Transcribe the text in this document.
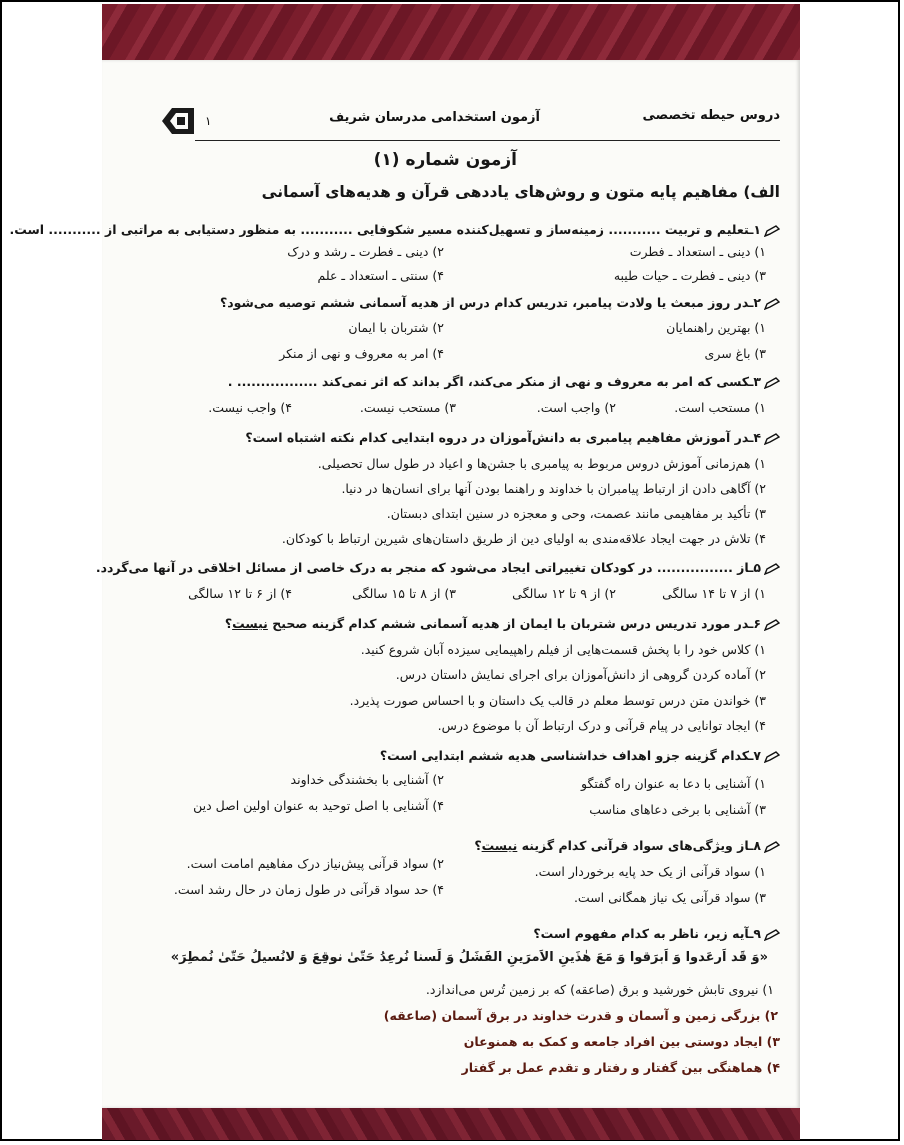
۱	آزمون استخدامی مدرسان شریف	دروس حیطه تخصصی
آزمون شماره (۱)
الف) مفاهیم پایه متون و روش‌های یاددهی قرآن و هدیه‌های آسمانی
۱ـتعلیم و تربیت ........... زمینه‌ساز و تسهیل‌کننده مسیر شکوفایی ........... به منظور دستیابی به مراتبی از ........... است.
۱) دینی ـ استعداد ـ فطرت
۲) دینی ـ فطرت ـ رشد و درک
۳) دینی ـ فطرت ـ حیات طیبه
۴) سنتی ـ استعداد ـ علم
۲ـدر روز مبعث یا ولادت پیامبر، تدریس کدام درس از هدیه آسمانی ششم توصیه می‌شود؟
۱) بهترین راهنمایان
۲) شتربان با ایمان
۳) باغ سری
۴) امر به معروف و نهی از منکر
۳ـکسی که امر به معروف و نهی از منکر می‌کند، اگر بداند که اثر نمی‌کند ................. .
۱) مستحب است.
۲) واجب است.
۳) مستحب نیست.
۴) واجب نیست.
۴ـدر آموزش مفاهیم پیامبری به دانش‌آموزان در دروه ابتدایی کدام نکته اشتباه است؟
۱) هم‌زمانی آموزش دروس مربوط به پیامبری با جشن‌ها و اعیاد در طول سال تحصیلی.
۲) آگاهی دادن از ارتباط پیامبران با خداوند و راهنما بودن آنها برای انسان‌ها در دنیا.
۳) تأکید بر مفاهیمی مانند عصمت، وحی و معجزه در سنین ابتدای دبستان.
۴) تلاش در جهت ایجاد علاقه‌مندی به اولیای دین از طریق داستان‌های شیرین ارتباط با کودکان.
۵ـاز ................ در کودکان تغییراتی ایجاد می‌شود که منجر به درک خاصی از مسائل اخلاقی در آنها می‌گردد.
۱) از ۷ تا ۱۴ سالگی
۲) از ۹ تا ۱۲ سالگی
۳) از ۸ تا ۱۵ سالگی
۴) از ۶ تا ۱۲ سالگی
۶ـدر مورد تدریس درس شتربان با ایمان از هدیه آسمانی ششم کدام گزینه صحیح نیست؟
۱) کلاس خود را با پخش قسمت‌هایی از فیلم راهپیمایی سیزده آبان شروع کنید.
۲) آماده کردن گروهی از دانش‌آموزان برای اجرای نمایش داستان درس.
۳) خواندن متن درس توسط معلم در قالب یک داستان و با احساس صورت پذیرد.
۴) ایجاد توانایی در پیام قرآنی و درک ارتباط آن با موضوع درس.
۷ـکدام گزینه جزو اهداف خداشناسی هدیه ششم ابتدایی است؟
۱) آشنایی با دعا به عنوان راه گفتگو
۲) آشنایی با بخشندگی خداوند
۳) آشنایی با برخی دعاهای مناسب
۴) آشنایی با اصل توحید به عنوان اولین اصل دین
۸ـاز ویژگی‌های سواد قرآنی کدام گزینه نیست؟
۱) سواد قرآنی از یک حد پایه برخوردار است.
۲) سواد قرآنی پیش‌نیاز درک مفاهیم امامت است.
۳) سواد قرآنی یک نیاز همگانی است.
۴) حد سواد قرآنی در طول زمان در حال رشد است.
۹ـآیه زیر، ناظر به کدام مفهوم است؟
«وَ قَد اَرعَدوا وَ اَبرَقوا وَ مَعَ هٰذَینِ الاَمرَینِ الفَشَلُ وَ لَسنا نُرعِدُ حَتّیٰ نوقِعَ وَ لانُسیلُ حَتّیٰ نُمطِرَ»
۱) نیروی تابش خورشید و برق (صاعقه) که بر زمین تُرس می‌اندازد.
۲) بزرگی زمین و آسمان و قدرت خداوند در برق آسمان (صاعقه)
۳) ایجاد دوستی بین افراد جامعه و کمک به همنوعان
۴) هماهنگی بین گفتار و رفتار و تقدم عمل بر گفتار
